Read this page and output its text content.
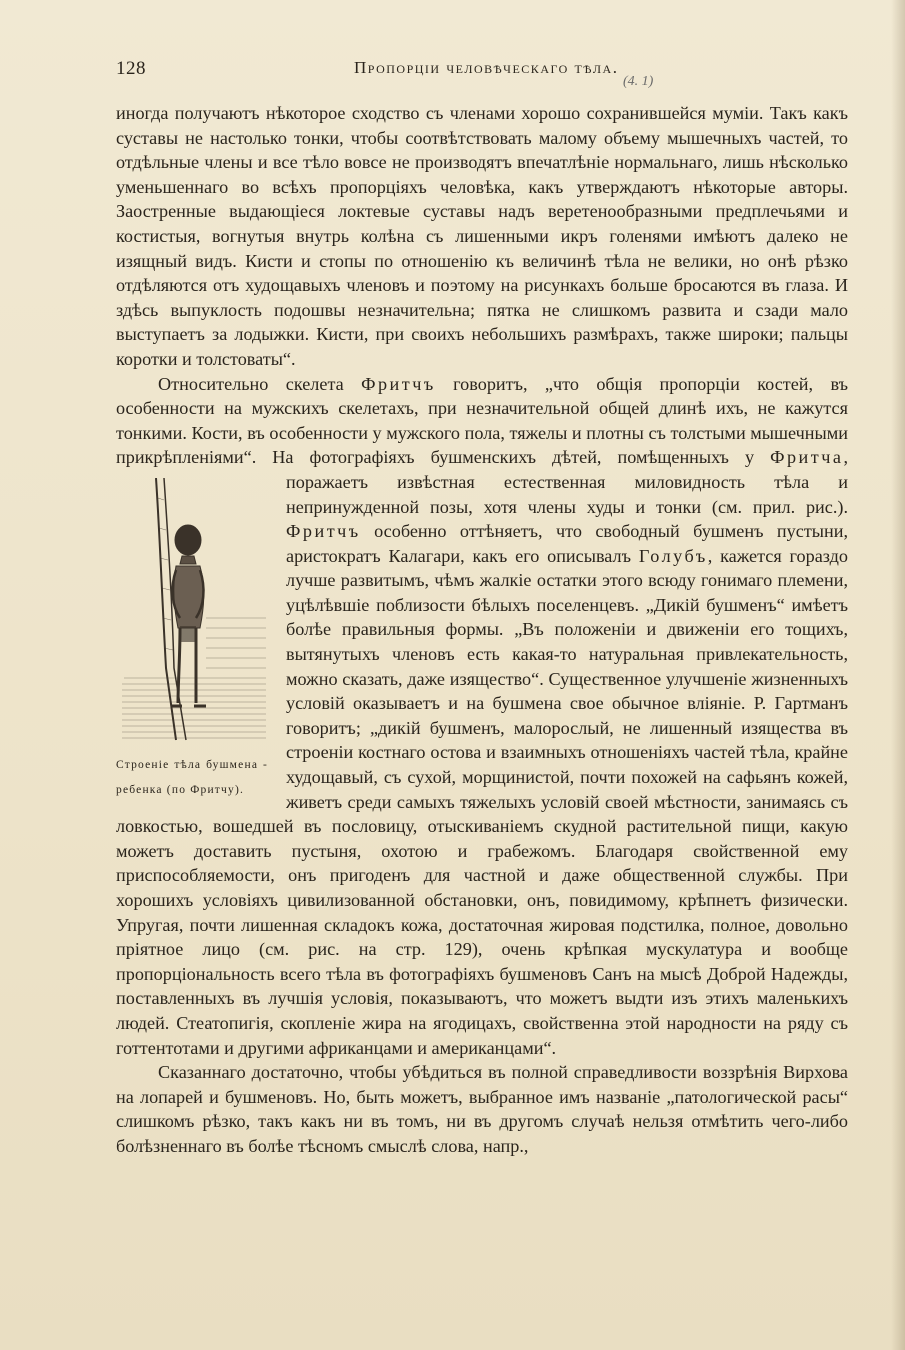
128	Пропорціи человѣческаго тѣла.
(4. 1)

иногда получаютъ нѣкоторое сходство съ членами хорошо сохранившейся муміи. Такъ какъ суставы не настолько тонки, чтобы соотвѣтствовать малому объему мышечныхъ частей, то отдѣльные члены и все тѣло вовсе не производятъ впечатлѣніе нормальнаго, лишь нѣсколько уменьшеннаго во всѣхъ пропорціяхъ человѣка, какъ утверждаютъ нѣкоторые авторы. Заостренные выдающіеся локтевые суставы надъ веретенообразными предплечьями и костистыя, вогнутыя внутрь колѣна съ лишенными икръ голенями имѣютъ далеко не изящный видъ. Кисти и стопы по отношенію къ величинѣ тѣла не велики, но онѣ рѣзко отдѣляются отъ худощавыхъ членовъ и поэтому на рисункахъ больше бросаются въ глаза. И здѣсь выпуклость подошвы незначительна; пятка не слишкомъ развита и сзади мало выступаетъ за лодыжки. Кисти, при своихъ небольшихъ размѣрахъ, также широки; пальцы коротки и толстоваты“.

Относительно скелета Фритчъ говоритъ, „что общія пропорціи костей, въ особенности на мужскихъ скелетахъ, при незначительной общей длинѣ ихъ, не кажутся тонкими. Кости, въ особенности у мужского пола, тяжелы и плотны съ толстыми мышечными прикрѣпленіями“. На фотографіяхъ бушменскихъ дѣтей, помѣщенныхъ у
Строеніе тѣла бушмена - ребенка (по Фритчу).
Фритча, поражаетъ извѣстная естественная миловидность тѣла и непринужденной позы, хотя члены худы и тонки (см. прил. рис.). Фритчъ особенно оттѣняетъ, что свободный бушменъ пустыни, аристократъ Калагари, какъ его описывалъ Голубъ, кажется гораздо лучше развитымъ, чѣмъ жалкіе остатки этого всюду гонимаго племени, уцѣлѣвшіе поблизости бѣлыхъ поселенцевъ. „Дикій бушменъ“ имѣетъ болѣе правильныя формы. „Въ положеніи и движеніи его тощихъ, вытянутыхъ членовъ есть какая-то натуральная привлекательность, можно сказать, даже изящество“. Существенное улучшеніе жизненныхъ условій оказываетъ и на бушмена свое обычное вліяніе. Р. Гартманъ говоритъ; „дикій бушменъ, малорослый, не лишенный изящества въ строеніи костнаго остова и взаимныхъ отношеніяхъ частей тѣла, крайне худощавый, съ сухой, морщинистой, почти похожей на сафьянъ кожей, живетъ среди самыхъ тяжелыхъ условій своей мѣстности, занимаясь съ ловкостью, вошедшей въ пословицу, отыскиваніемъ скудной растительной пищи, какую можетъ доставить пустыня, охотою и грабежомъ. Благодаря свойственной ему приспособляемости, онъ пригоденъ для частной и даже общественной службы. При хорошихъ условіяхъ цивилизованной обстановки, онъ, повидимому, крѣпнетъ физически. Упругая, почти лишенная складокъ кожа, достаточная жировая подстилка, полное, довольно пріятное лицо (см. рис. на стр. 129), очень крѣпкая мускулатура и вообще пропорціональность всего тѣла въ фотографіяхъ бушменовъ Санъ на мысѣ Доброй Надежды, поставленныхъ въ лучшія условія, показываютъ, что можетъ выдти изъ этихъ маленькихъ людей. Стеатопигія, скопленіе жира на ягодицахъ, свойственна этой народности на ряду съ готтентотами и другими африканцами и американцами“.

Сказаннаго достаточно, чтобы убѣдиться въ полной справедливости воззрѣнія Вирхова на лопарей и бушменовъ. Но, быть можетъ, выбранное имъ названіе „патологической расы“ слишкомъ рѣзко, такъ какъ ни въ томъ, ни въ другомъ случаѣ нельзя отмѣтить чего-либо болѣзненнаго въ болѣе тѣсномъ смыслѣ слова, напр.,
